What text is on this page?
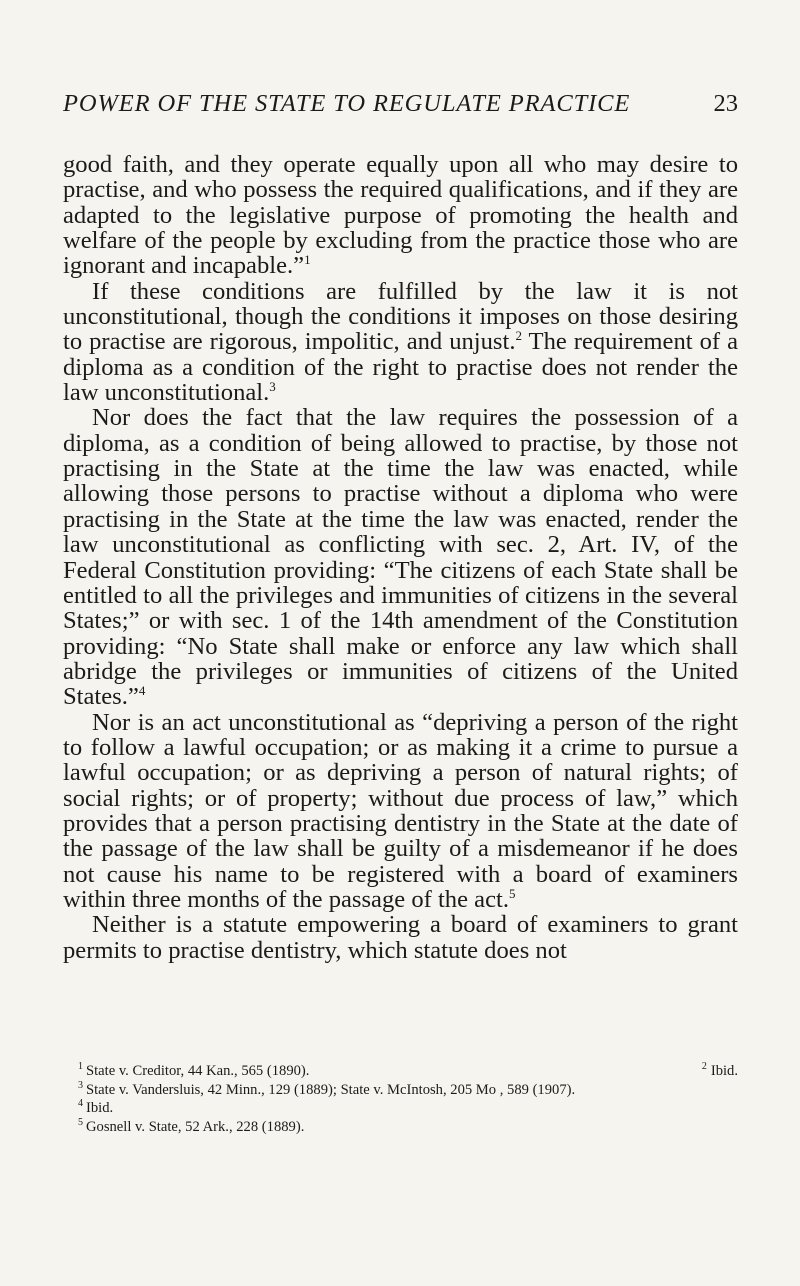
POWER OF THE STATE TO REGULATE PRACTICE	23

good faith, and they operate equally upon all who may desire to practise, and who possess the required qualifications, and if they are adapted to the legislative purpose of promoting the health and welfare of the people by excluding from the practice those who are ignorant and incapable.”$^1$

If these conditions are fulfilled by the law it is not unconstitutional, though the conditions it imposes on those desiring to practise are rigorous, impolitic, and unjust.$^2$ The requirement of a diploma as a condition of the right to practise does not render the law unconstitutional.$^3$

Nor does the fact that the law requires the possession of a diploma, as a condition of being allowed to practise, by those not practising in the State at the time the law was enacted, while allowing those persons to practise without a diploma who were practising in the State at the time the law was enacted, render the law unconstitutional as conflicting with sec. 2, Art. IV, of the Federal Constitution providing: “The citizens of each State shall be entitled to all the privileges and immunities of citizens in the several States;” or with sec. 1 of the 14th amendment of the Constitution providing: “No State shall make or enforce any law which shall abridge the privileges or immunities of citizens of the United States.”$^4$

Nor is an act unconstitutional as “depriving a person of the right to follow a lawful occupation; or as making it a crime to pursue a lawful occupation; or as depriving a person of natural rights; of social rights; or of property; without due process of law,” which provides that a person practising dentistry in the State at the date of the passage of the law shall be guilty of a misdemeanor if he does not cause his name to be registered with a board of examiners within three months of the passage of the act.$^5$

Neither is a statute empowering a board of examiners to grant permits to practise dentistry, which statute does not

$^1$ State v. Creditor, 44 Kan., 565 (1890).	$^2$ Ibid.
$^3$ State v. Vandersluis, 42 Minn., 129 (1889); State v. McIntosh, 205 Mo , 589 (1907).
$^4$ Ibid.
$^5$ Gosnell v. State, 52 Ark., 228 (1889).
